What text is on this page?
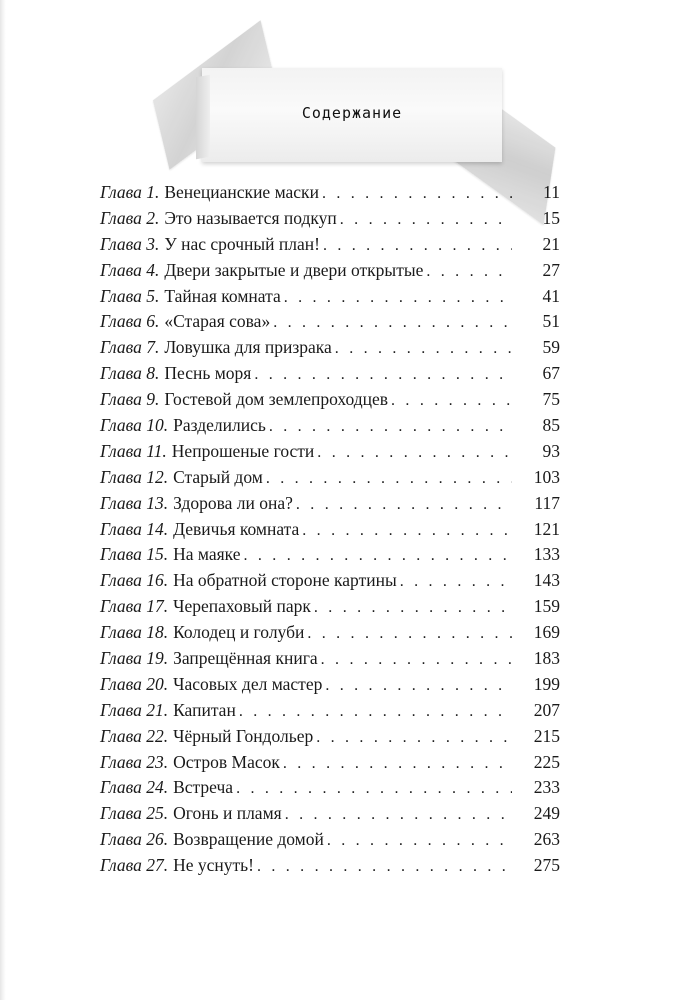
Содержание
Глава 1. Венецианские маски . . .	11
Глава 2. Это называется подкуп . . .	15
Глава 3. У нас срочный план! . . .	21
Глава 4. Двери закрытые и двери открытые . . .	27
Глава 5. Тайная комната . . .	41
Глава 6. «Старая сова» . . .	51
Глава 7. Ловушка для призрака . . .	59
Глава 8. Песнь моря . . .	67
Глава 9. Гостевой дом землепроходцев . . .	75
Глава 10. Разделились . . .	85
Глава 11. Непрошеные гости . . .	93
Глава 12. Старый дом . . .	103
Глава 13. Здорова ли она? . . .	117
Глава 14. Девичья комната . . .	121
Глава 15. На маяке . . .	133
Глава 16. На обратной стороне картины . . .	143
Глава 17. Черепаховый парк . . .	159
Глава 18. Колодец и голуби . . .	169
Глава 19. Запрещённая книга . . .	183
Глава 20. Часовых дел мастер . . .	199
Глава 21. Капитан . . .	207
Глава 22. Чёрный Гондольер . . .	215
Глава 23. Остров Масок . . .	225
Глава 24. Встреча . . .	233
Глава 25. Огонь и пламя . . .	249
Глава 26. Возвращение домой . . .	263
Глава 27. Не уснуть! . . .	275
